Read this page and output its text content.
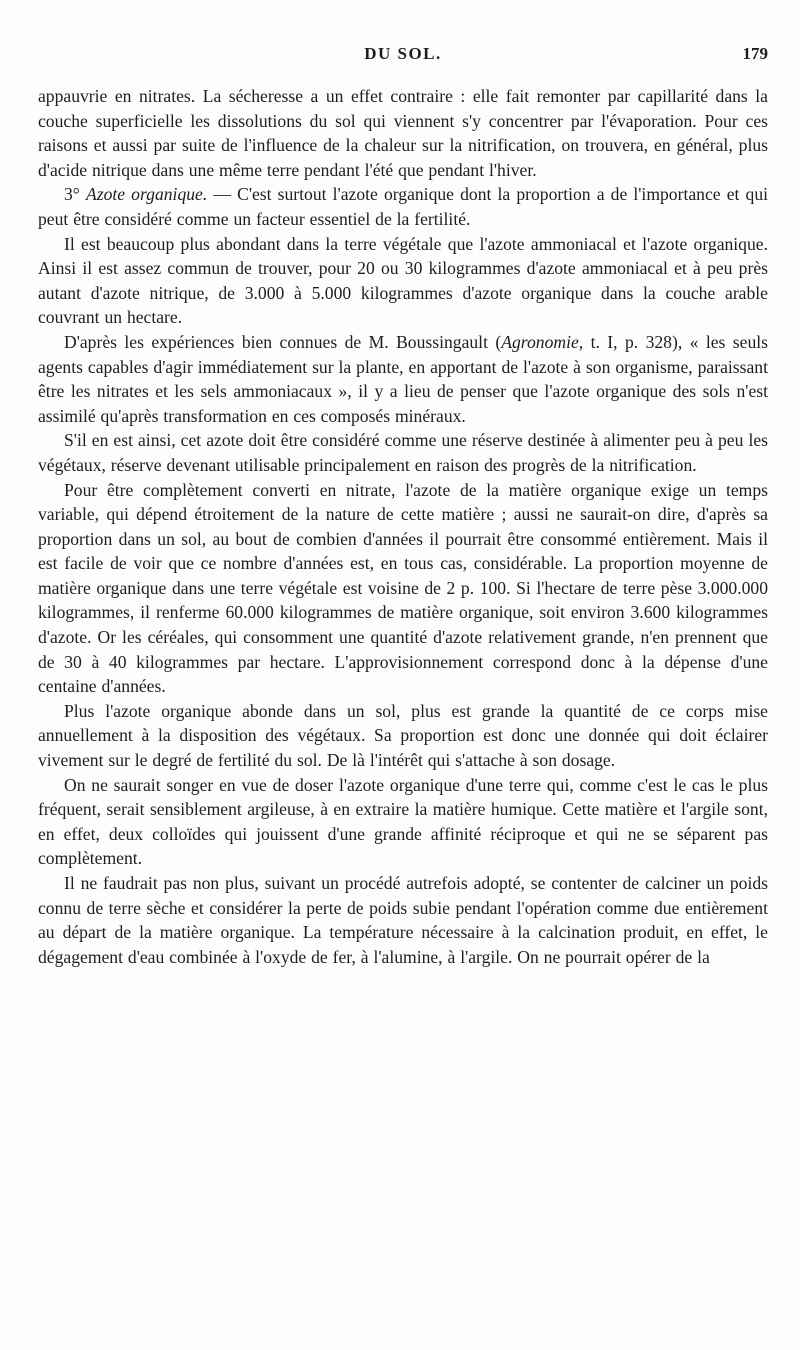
DU SOL.	179

appauvrie en nitrates. La sécheresse a un effet contraire : elle fait remonter par capillarité dans la couche superficielle les dissolutions du sol qui viennent s'y concentrer par l'évaporation. Pour ces raisons et aussi par suite de l'influence de la chaleur sur la nitrification, on trouvera, en général, plus d'acide nitrique dans une même terre pendant l'été que pendant l'hiver.

3° Azote organique. — C'est surtout l'azote organique dont la proportion a de l'importance et qui peut être considéré comme un facteur essentiel de la fertilité.

Il est beaucoup plus abondant dans la terre végétale que l'azote ammoniacal et l'azote organique. Ainsi il est assez commun de trouver, pour 20 ou 30 kilogrammes d'azote ammoniacal et à peu près autant d'azote nitrique, de 3.000 à 5.000 kilogrammes d'azote organique dans la couche arable couvrant un hectare.

D'après les expériences bien connues de M. Boussingault (Agronomie, t. I, p. 328), « les seuls agents capables d'agir immédiatement sur la plante, en apportant de l'azote à son organisme, paraissant être les nitrates et les sels ammoniacaux », il y a lieu de penser que l'azote organique des sols n'est assimilé qu'après transformation en ces composés minéraux.

S'il en est ainsi, cet azote doit être considéré comme une réserve destinée à alimenter peu à peu les végétaux, réserve devenant utilisable principalement en raison des progrès de la nitrification.

Pour être complètement converti en nitrate, l'azote de la matière organique exige un temps variable, qui dépend étroitement de la nature de cette matière ; aussi ne saurait-on dire, d'après sa proportion dans un sol, au bout de combien d'années il pourrait être consommé entièrement. Mais il est facile de voir que ce nombre d'années est, en tous cas, considérable. La proportion moyenne de matière organique dans une terre végétale est voisine de 2 p. 100. Si l'hectare de terre pèse 3.000.000 kilogrammes, il renferme 60.000 kilogrammes de matière organique, soit environ 3.600 kilogrammes d'azote. Or les céréales, qui consomment une quantité d'azote relativement grande, n'en prennent que de 30 à 40 kilogrammes par hectare. L'approvisionnement correspond donc à la dépense d'une centaine d'années.

Plus l'azote organique abonde dans un sol, plus est grande la quantité de ce corps mise annuellement à la disposition des végétaux. Sa proportion est donc une donnée qui doit éclairer vivement sur le degré de fertilité du sol. De là l'intérêt qui s'attache à son dosage.

On ne saurait songer en vue de doser l'azote organique d'une terre qui, comme c'est le cas le plus fréquent, serait sensiblement argileuse, à en extraire la matière humique. Cette matière et l'argile sont, en effet, deux colloïdes qui jouissent d'une grande affinité réciproque et qui ne se séparent pas complètement.

Il ne faudrait pas non plus, suivant un procédé autrefois adopté, se contenter de calciner un poids connu de terre sèche et considérer la perte de poids subie pendant l'opération comme due entièrement au départ de la matière organique. La température nécessaire à la calcination produit, en effet, le dégagement d'eau combinée à l'oxyde de fer, à l'alumine, à l'argile. On ne pourrait opérer de la
